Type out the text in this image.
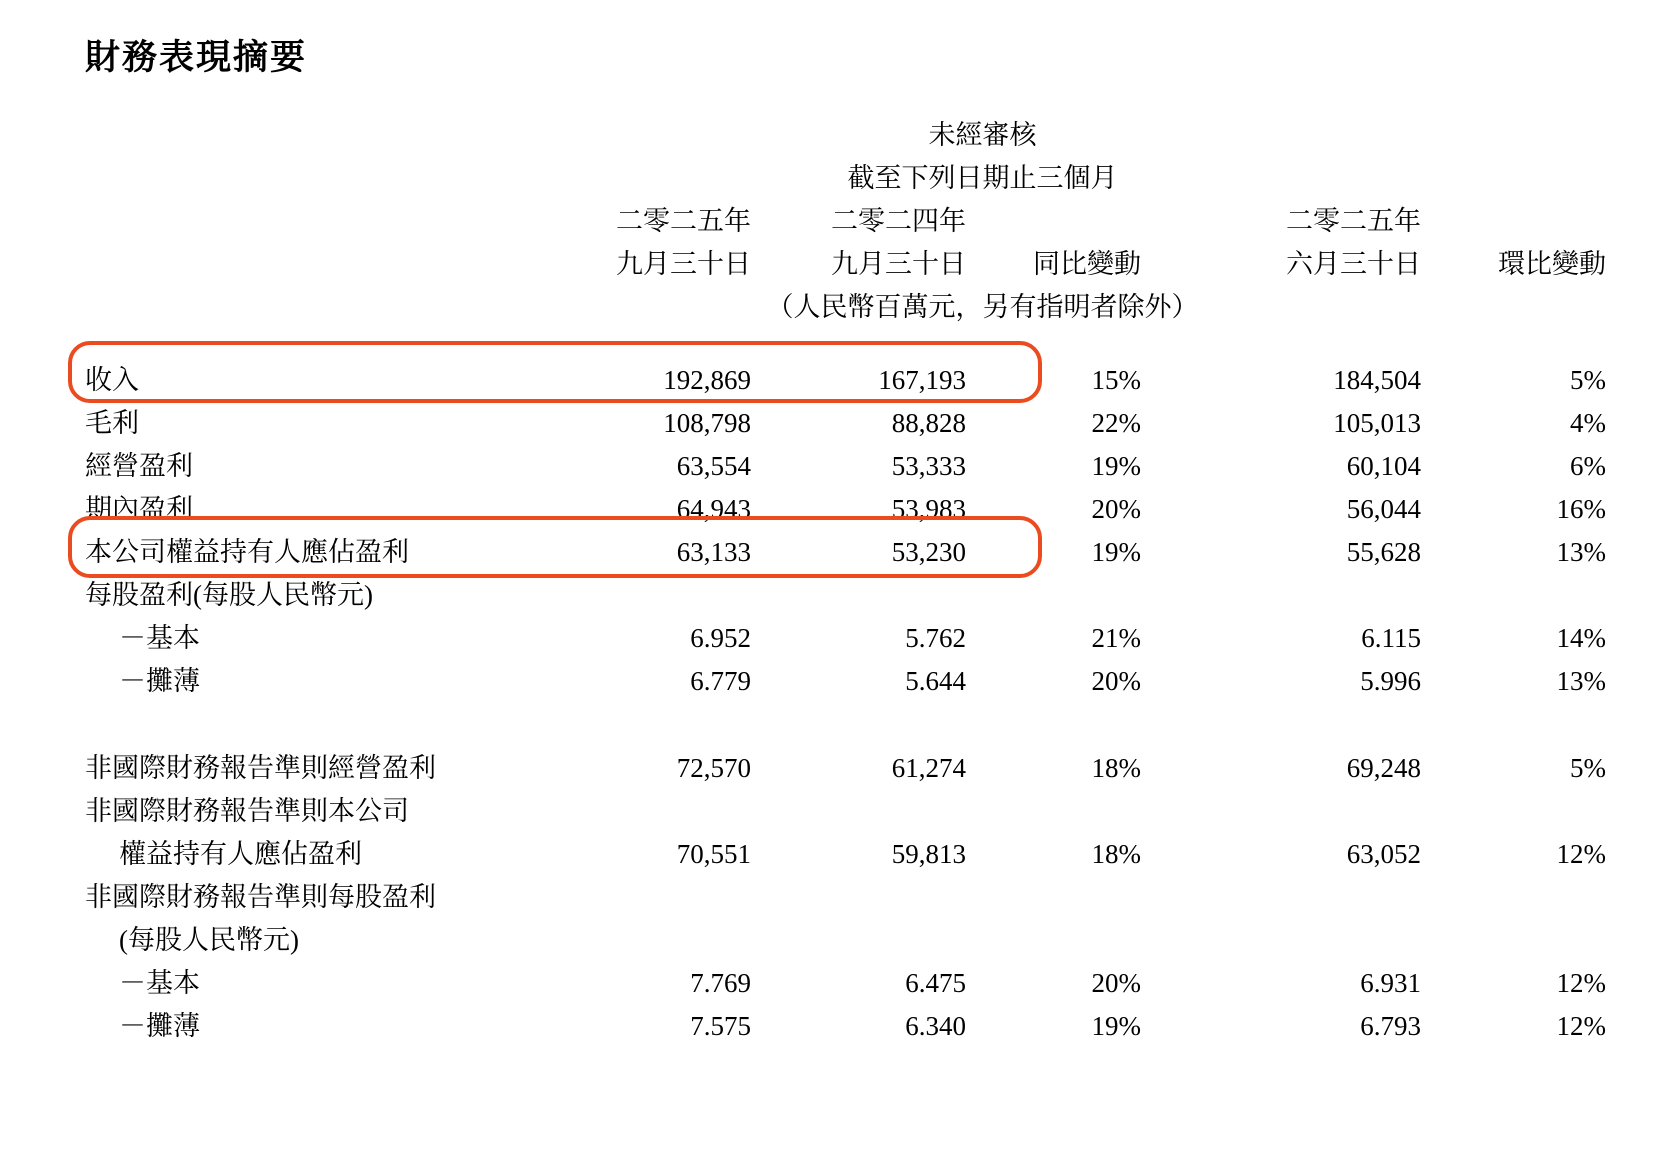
財務表現摘要
	未經審核					
	截至下列日期止三個月					
	二零二五年	二零二四年			二零二五年	
	九月三十日	九月三十日	同比變動		六月三十日	環比變動
	（人民幣百萬元，另有指明者除外）					

收入	192,869	167,193	15%		184,504	5%
毛利	108,798	88,828	22%		105,013	4%
經營盈利	63,554	53,333	19%		60,104	6%
期內盈利	64,943	53,983	20%		56,044	16%
本公司權益持有人應佔盈利	63,133	53,230	19%		55,628	13%
每股盈利(每股人民幣元)						
－基本	6.952	5.762	21%		6.115	14%
－攤薄	6.779	5.644	20%		5.996	13%

非國際財務報告準則經營盈利	72,570	61,274	18%		69,248	5%
非國際財務報告準則本公司						
權益持有人應佔盈利	70,551	59,813	18%		63,052	12%
非國際財務報告準則每股盈利						
(每股人民幣元)						
－基本	7.769	6.475	20%		6.931	12%
－攤薄	7.575	6.340	19%		6.793	12%
